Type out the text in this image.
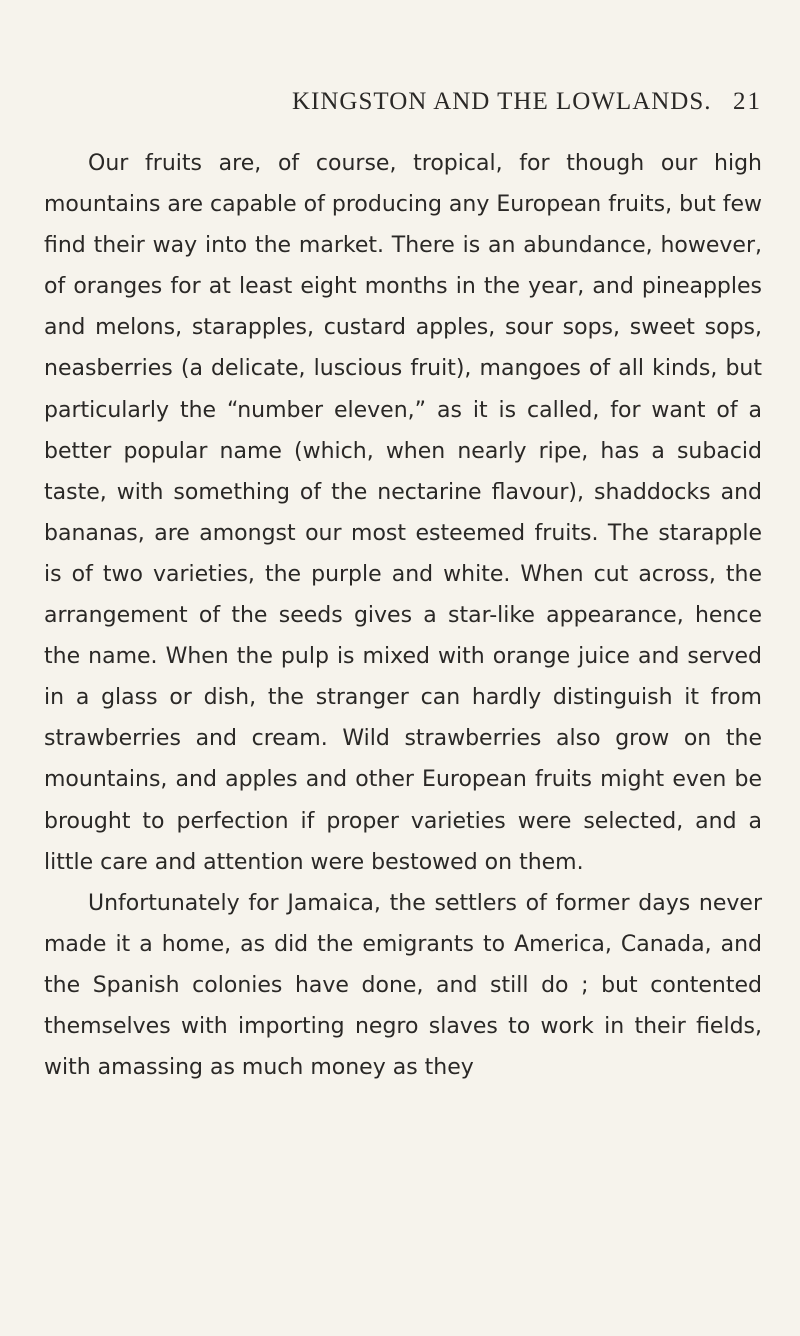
KINGSTON AND THE LOWLANDS. 21

Our fruits are, of course, tropical, for though our high mountains are capable of producing any European fruits, but few find their way into the market. There is an abundance, however, of oranges for at least eight months in the year, and pineapples and melons, starapples, custard apples, sour sops, sweet sops, neasberries (a delicate, luscious fruit), mangoes of all kinds, but particularly the “number eleven,” as it is called, for want of a better popular name (which, when nearly ripe, has a subacid taste, with something of the nectarine flavour), shaddocks and bananas, are amongst our most esteemed fruits. The starapple is of two varieties, the purple and white. When cut across, the arrangement of the seeds gives a star-like appearance, hence the name. When the pulp is mixed with orange juice and served in a glass or dish, the stranger can hardly distinguish it from strawberries and cream. Wild strawberries also grow on the mountains, and apples and other European fruits might even be brought to perfection if proper varieties were selected, and a little care and attention were bestowed on them.

Unfortunately for Jamaica, the settlers of former days never made it a home, as did the emigrants to America, Canada, and the Spanish colonies have done, and still do ; but contented themselves with importing negro slaves to work in their fields, with amassing as much money as they
